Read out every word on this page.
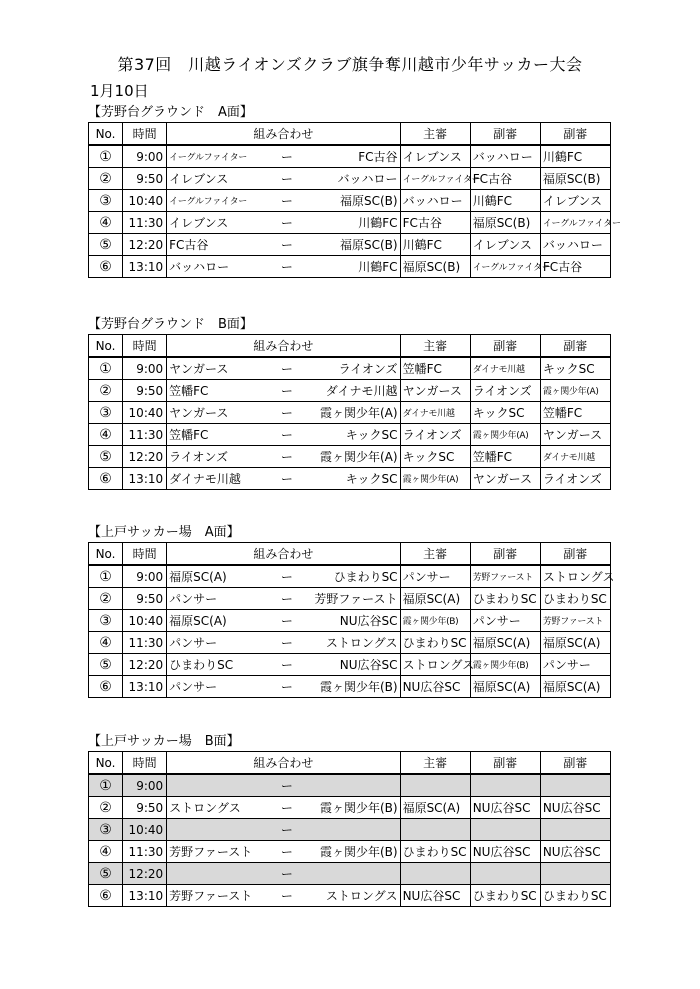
第37回　川越ライオンズクラブ旗争奪川越市少年サッカー大会
1月10日
【芳野台グラウンド　A面】
No.	時間	組み合わせ			主審	副審	副審
①	9:00	イーグルファイター	ー	FC古谷	イレブンス	バッハロー	川鶴FC
②	9:50	イレブンス	ー	バッハロー	イーグルファイター	FC古谷	福原SC(B)
③	10:40	イーグルファイター	ー	福原SC(B)	バッハロー	川鶴FC	イレブンス
④	11:30	イレブンス	ー	川鶴FC	FC古谷	福原SC(B)	イーグルファイター
⑤	12:20	FC古谷	ー	福原SC(B)	川鶴FC	イレブンス	バッハロー
⑥	13:10	バッハロー	ー	川鶴FC	福原SC(B)	イーグルファイター	FC古谷
【芳野台グラウンド　B面】
No.	時間	組み合わせ			主審	副審	副審
①	9:00	ヤンガース	ー	ライオンズ	笠幡FC	ダイナモ川越	キックSC
②	9:50	笠幡FC	ー	ダイナモ川越	ヤンガース	ライオンズ	霞ヶ関少年(A)
③	10:40	ヤンガース	ー	霞ヶ関少年(A)	ダイナモ川越	キックSC	笠幡FC
④	11:30	笠幡FC	ー	キックSC	ライオンズ	霞ヶ関少年(A)	ヤンガース
⑤	12:20	ライオンズ	ー	霞ヶ関少年(A)	キックSC	笠幡FC	ダイナモ川越
⑥	13:10	ダイナモ川越	ー	キックSC	霞ヶ関少年(A)	ヤンガース	ライオンズ
【上戸サッカー場　A面】
No.	時間	組み合わせ			主審	副審	副審
①	9:00	福原SC(A)	ー	ひまわりSC	パンサー	芳野ファースト	ストロングス
②	9:50	パンサー	ー	芳野ファースト	福原SC(A)	ひまわりSC	ひまわりSC
③	10:40	福原SC(A)	ー	NU広谷SC	霞ヶ関少年(B)	パンサー	芳野ファースト
④	11:30	パンサー	ー	ストロングス	ひまわりSC	福原SC(A)	福原SC(A)
⑤	12:20	ひまわりSC	ー	NU広谷SC	ストロングス	霞ヶ関少年(B)	パンサー
⑥	13:10	パンサー	ー	霞ヶ関少年(B)	NU広谷SC	福原SC(A)	福原SC(A)
【上戸サッカー場　B面】
No.	時間	組み合わせ			主審	副審	副審
①	9:00		ー				
②	9:50	ストロングス	ー	霞ヶ関少年(B)	福原SC(A)	NU広谷SC	NU広谷SC
③	10:40		ー				
④	11:30	芳野ファースト	ー	霞ヶ関少年(B)	ひまわりSC	NU広谷SC	NU広谷SC
⑤	12:20		ー				
⑥	13:10	芳野ファースト	ー	ストロングス	NU広谷SC	ひまわりSC	ひまわりSC
